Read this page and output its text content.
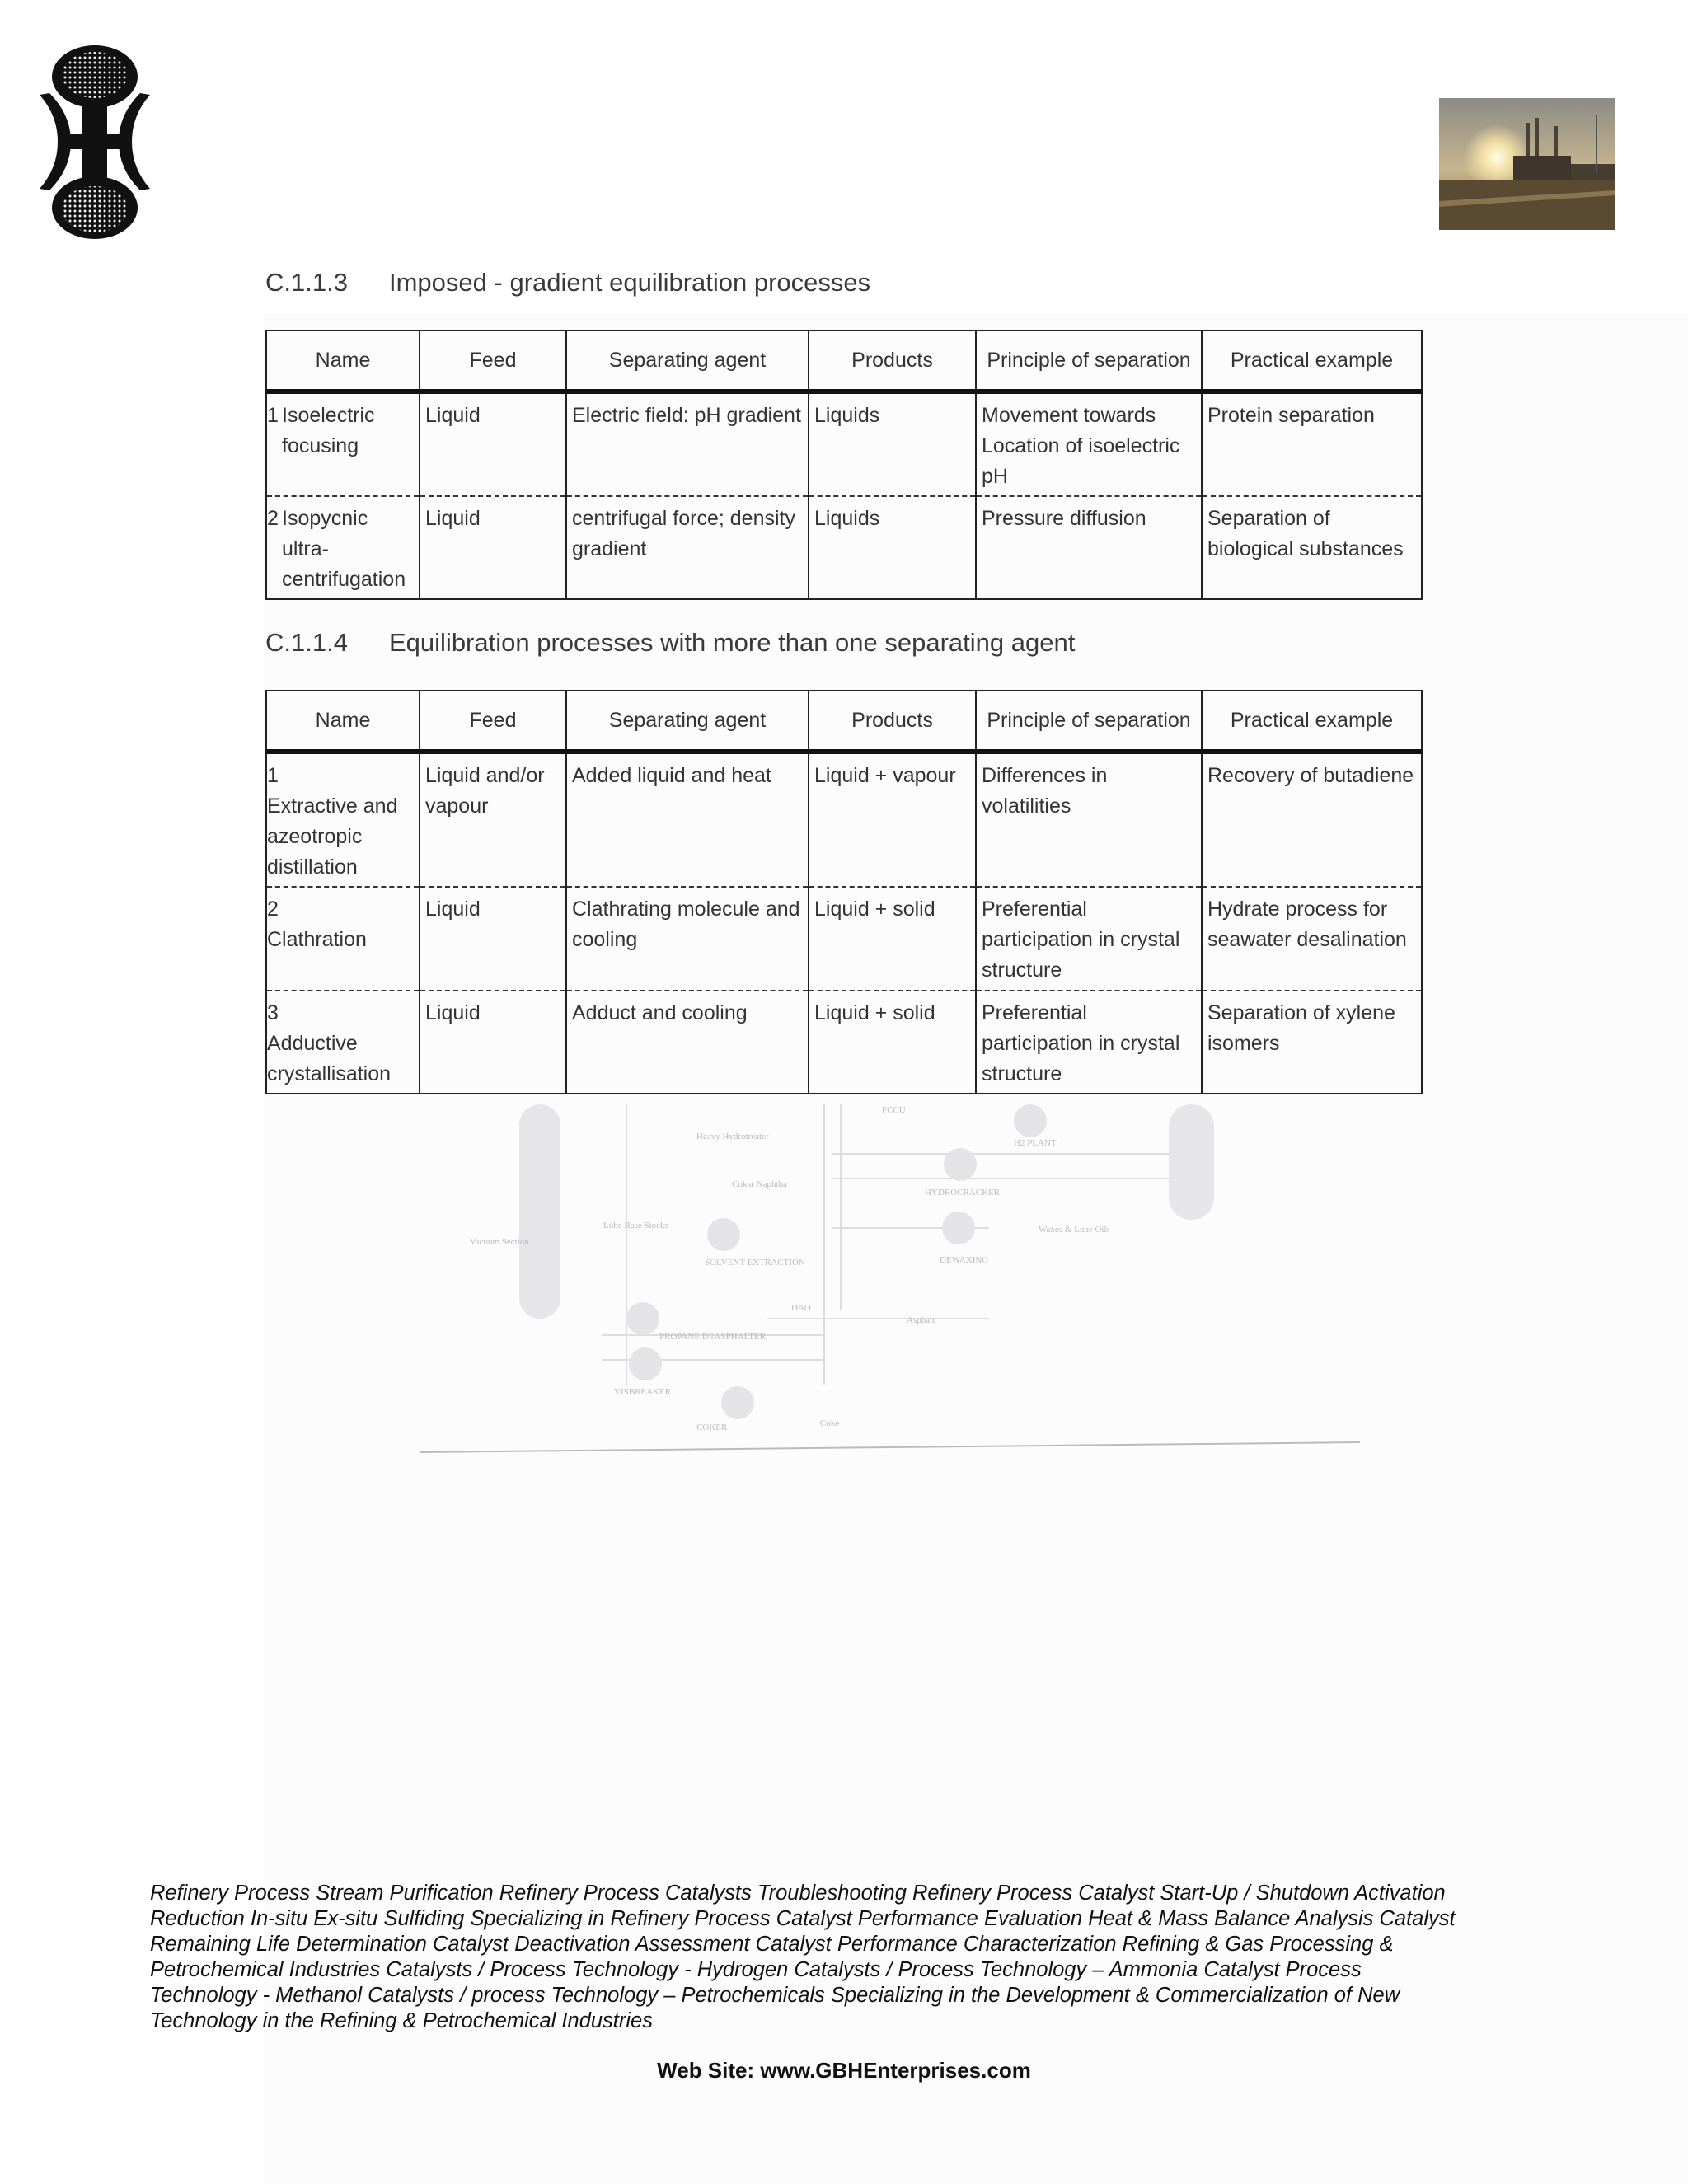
C.1.1.3 Imposed - gradient equilibration processes
Name	Feed	Separating agent	Products	Principle of separation	Practical example
1 Isoelectric focusing	Liquid	Electric field: pH gradient	Liquids	Movement towards Location of isoelectric pH	Protein separation
2 Isopycnic ultra-centrifugation	Liquid	centrifugal force; density gradient	Liquids	Pressure diffusion	Separation of biological substances
C.1.1.4 Equilibration processes with more than one separating agent
Name	Feed	Separating agent	Products	Principle of separation	Practical example
1Extractive and azeotropic distillation	Liquid and/or vapour	Added liquid and heat	Liquid + vapour	Differences in volatilities	Recovery of butadiene
2Clathration	Liquid	Clathrating molecule and cooling	Liquid + solid	Preferential participation in crystal structure	Hydrate process for seawater desalination
3Adductive crystallisation	Liquid	Adduct and cooling	Liquid + solid	Preferential participation in crystal structure	Separation of xylene isomers
FCCU
Heavy Hydrotreater
H2 PLANT
Cokar Naphtha
HYDROCRACKER
Lube Base Stocks
SOLVENT EXTRACTION	DEWAXING
Waxes & Lube Oils
Vacuum Section
DAO
Asphalt
PROPANE DEASPHALTER
VISBREAKER
COKER	Coke
Refinery Process Stream Purification Refinery Process Catalysts Troubleshooting Refinery Process Catalyst Start-Up / Shutdown Activation Reduction In-situ Ex-situ Sulfiding Specializing in Refinery Process Catalyst Performance Evaluation Heat & Mass Balance Analysis Catalyst Remaining Life Determination Catalyst Deactivation Assessment Catalyst Performance Characterization Refining & Gas Processing & Petrochemical Industries Catalysts / Process Technology - Hydrogen Catalysts / Process Technology – Ammonia Catalyst Process Technology - Methanol Catalysts / process Technology – Petrochemicals Specializing in the Development & Commercialization of New Technology in the Refining & Petrochemical Industries
Web Site: www.GBHEnterprises.com
